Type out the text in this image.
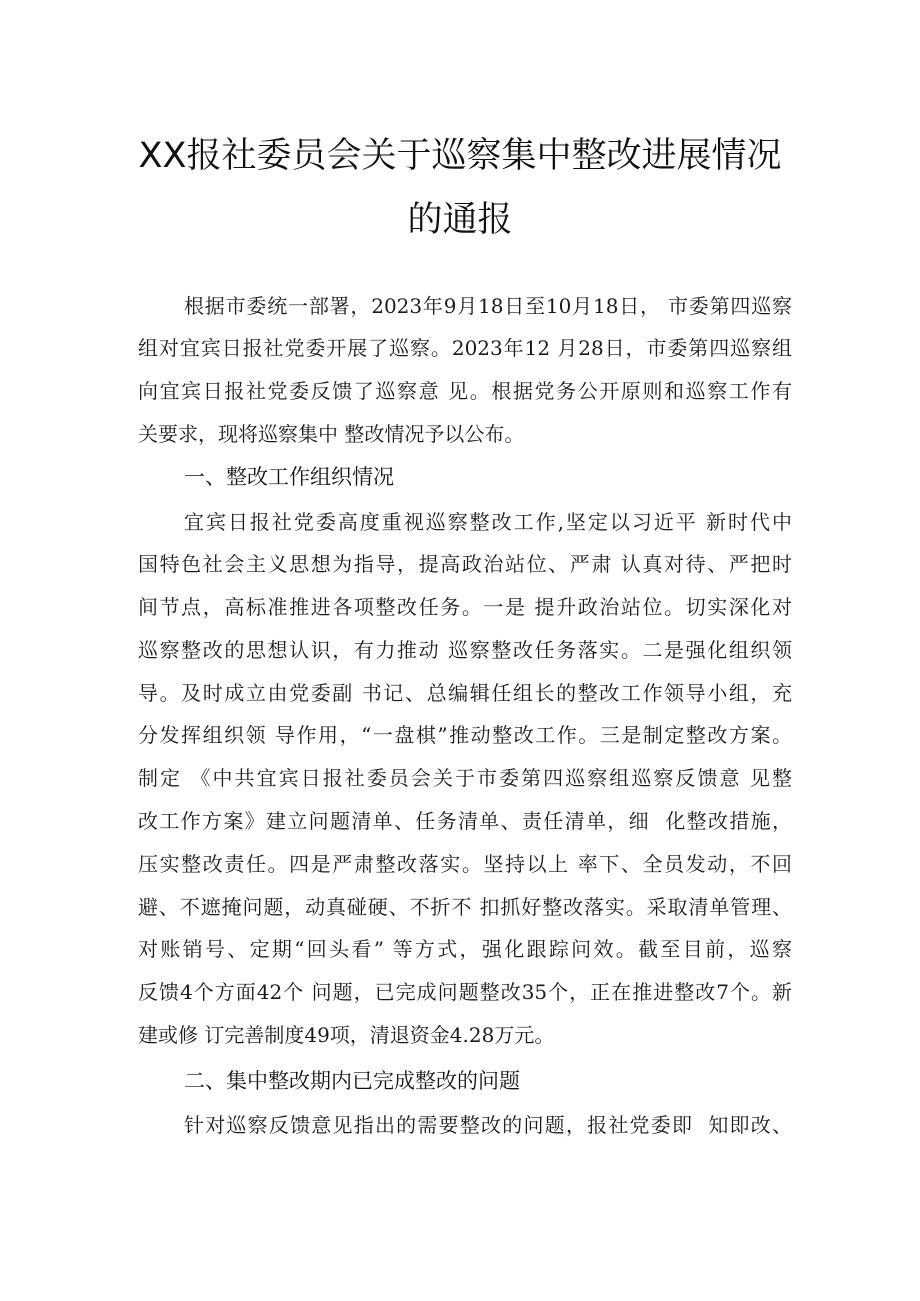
XX报社委员会关于巡察集中整改进展情况
的通报
根据市委统一部署，2023年9月18日至10月18日， 市委第四巡察
组对宜宾日报社党委开展了巡察。2023年12 月28日，市委第四巡察组
向宜宾日报社党委反馈了巡察意 见。根据党务公开原则和巡察工作有
关要求，现将巡察集中 整改情况予以公布。
一、整改工作组织情况
宜宾日报社党委高度重视巡察整改工作,坚定以习近平 新时代中
国特色社会主义思想为指导，提高政治站位、严肃 认真对待、严把时
间节点，高标准推进各项整改任务。一是 提升政治站位。切实深化对
巡察整改的思想认识，有力推动 巡察整改任务落实。二是强化组织领
导。及时成立由党委副 书记、总编辑任组长的整改工作领导小组，充
分发挥组织领 导作用，“一盘棋”推动整改工作。三是制定整改方案。
制定 《中共宜宾日报社委员会关于市委第四巡察组巡察反馈意 见整
改工作方案》建立问题清单、任务清单、责任清单，细  化整改措施，
压实整改责任。四是严肃整改落实。坚持以上 率下、全员发动，不回
避、不遮掩问题，动真碰硬、不折不 扣抓好整改落实。采取清单管理、
对账销号、定期“回头看” 等方式，强化跟踪问效。截至目前，巡察
反馈4个方面42个 问题，已完成问题整改35个，正在推进整改7个。新
建或修 订完善制度49项，清退资金4.28万元。
二、集中整改期内已完成整改的问题
针对巡察反馈意见指出的需要整改的问题，报社党委即  知即改、
